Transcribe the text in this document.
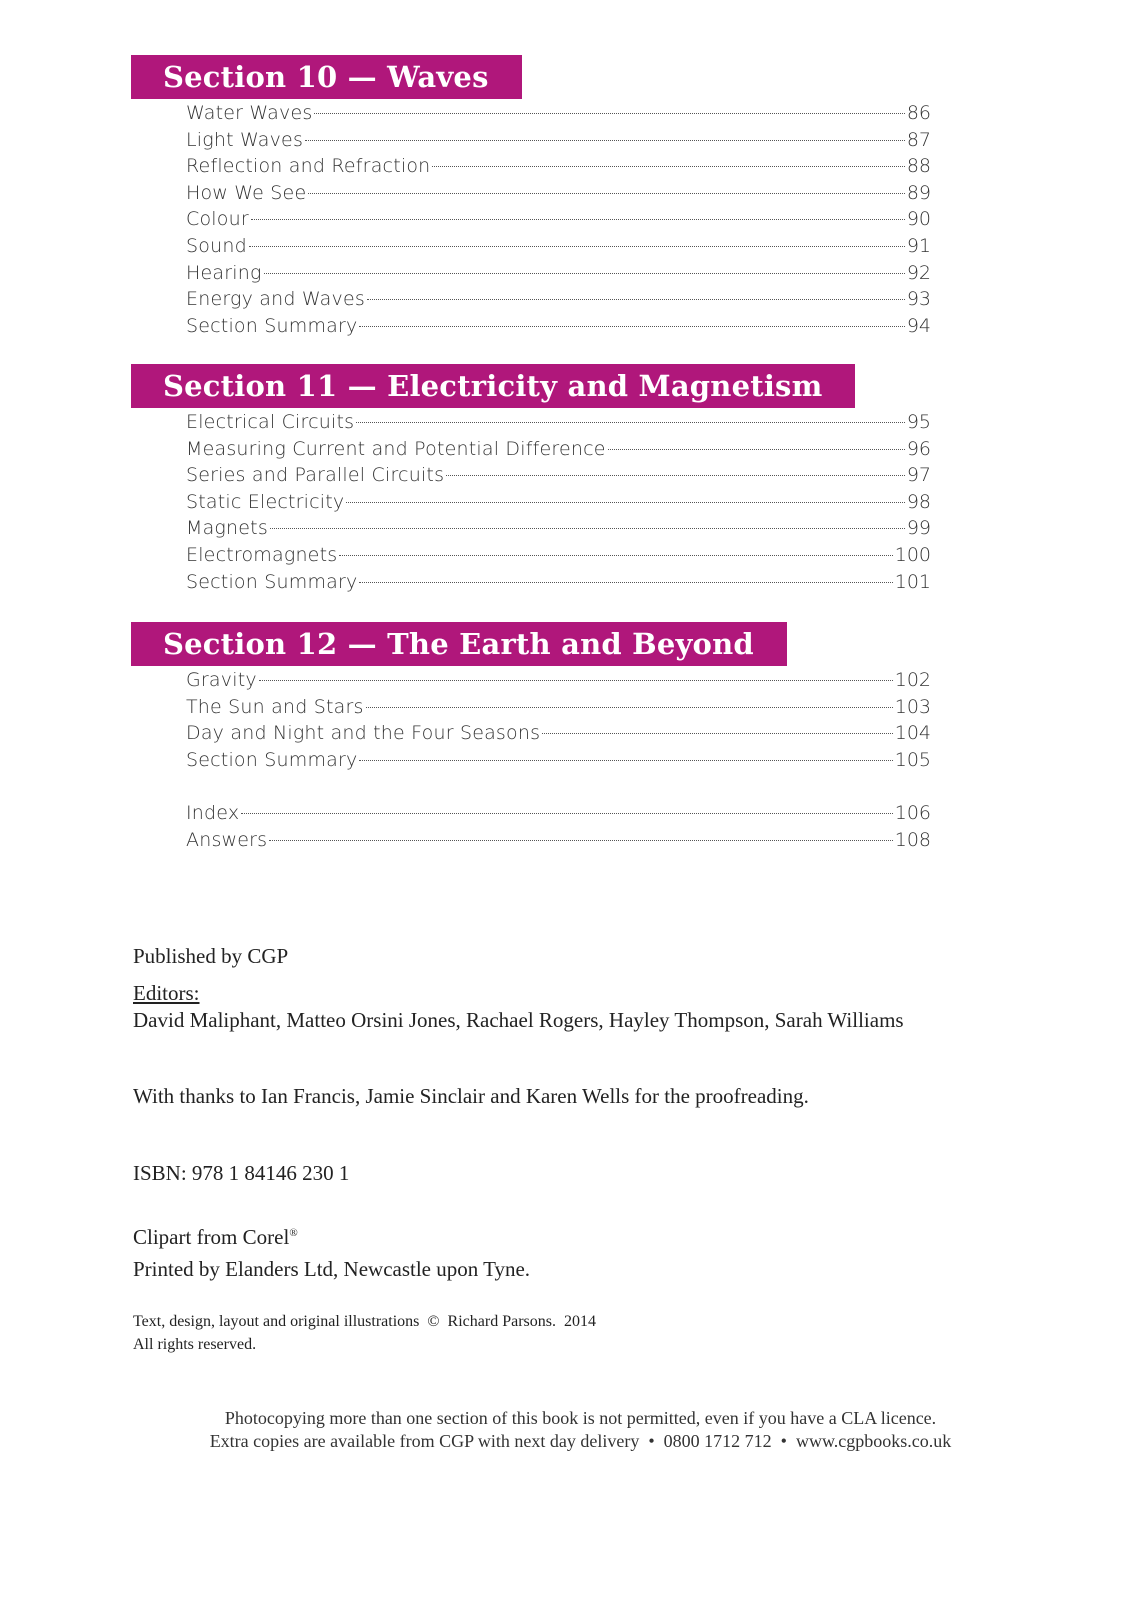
Section 10 — Waves
Water Waves	86
Light Waves	87
Reflection and Refraction	88
How We See	89
Colour	90
Sound	91
Hearing	92
Energy and Waves	93
Section Summary	94
Section 11 — Electricity and Magnetism
Electrical Circuits	95
Measuring Current and Potential Difference	96
Series and Parallel Circuits	97
Static Electricity	98
Magnets	99
Electromagnets	100
Section Summary	101
Section 12 — The Earth and Beyond
Gravity	102
The Sun and Stars	103
Day and Night and the Four Seasons	104
Section Summary	105
Index	106
Answers	108
Published by CGP
Editors:
David Maliphant, Matteo Orsini Jones, Rachael Rogers, Hayley Thompson, Sarah Williams
With thanks to Ian Francis, Jamie Sinclair and Karen Wells for the proofreading.
ISBN: 978 1 84146 230 1
Clipart from Corel®
Printed by Elanders Ltd, Newcastle upon Tyne.
Text, design, layout and original illustrations  ©  Richard Parsons.  2014
All rights reserved.
Photocopying more than one section of this book is not permitted, even if you have a CLA licence.
Extra copies are available from CGP with next day delivery  •  0800 1712 712  •  www.cgpbooks.co.uk
